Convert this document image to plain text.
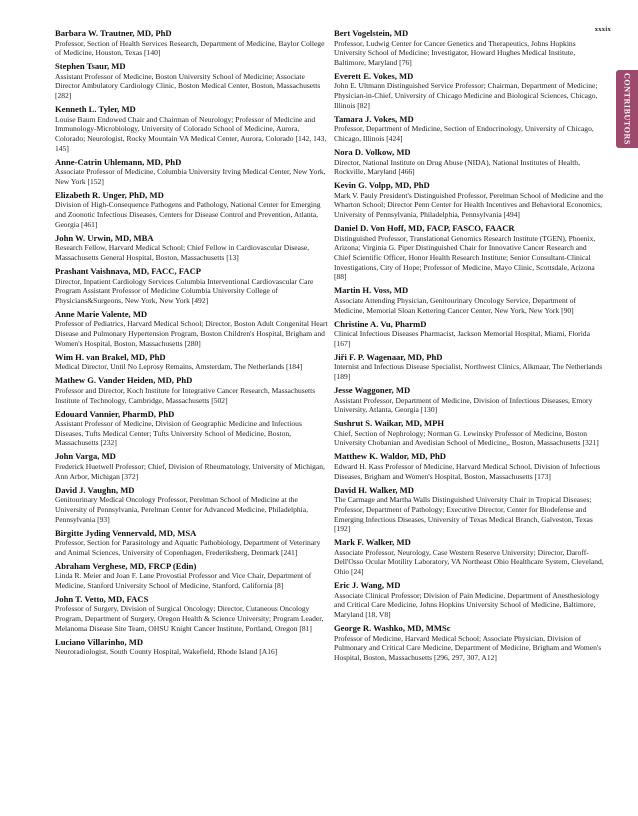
xxxix
CONTRIBUTORS
Barbara W. Trautner, MD, PhD
Professor, Section of Health Services Research, Department of Medicine, Baylor College of Medicine, Houston, Texas [140]
Stephen Tsaur, MD
Assistant Professor of Medicine, Boston University School of Medicine; Associate Director Ambulatory Cardiology Clinic, Boston Medical Center, Boston, Massachusetts [282]
Kenneth L. Tyler, MD
Louise Baum Endowed Chair and Chairman of Neurology; Professor of Medicine and Immunology-Microbiology, University of Colorado School of Medicine, Aurora, Colorado; Neurologist, Rocky Mountain VA Medical Center, Aurora, Colorado [142, 143, 145]
Anne-Catrin Uhlemann, MD, PhD
Associate Professor of Medicine, Columbia University Irving Medical Center, New York, New York [152]
Elizabeth R. Unger, PhD, MD
Division of High-Consequence Pathogens and Pathology, National Center for Emerging and Zoonotic Infectious Diseases, Centers for Disease Control and Prevention, Atlanta, Georgia [461]
John W. Urwin, MD, MBA
Research Fellow, Harvard Medical School; Chief Fellow in Cardiovascular Disease, Massachusetts General Hospital, Boston, Massachusetts [13]
Prashant Vaishnava, MD, FACC, FACP
Director, Inpatient Cardiology Services Columbia Interventional Cardiovascular Care Program Assistant Professor of Medicine Columbia University College of Physicians&Surgeons, New York, New York [492]
Anne Marie Valente, MD
Professor of Pediatrics, Harvard Medical School; Director, Boston Adult Congenital Heart Disease and Pulmonary Hypertension Program, Boston Children's Hospital, Brigham and Women's Hospital, Boston, Massachusetts [280]
Wim H. van Brakel, MD, PhD
Medical Director, Until No Leprosy Remains, Amsterdam, The Netherlands [184]
Mathew G. Vander Heiden, MD, PhD
Professor and Director, Koch Institute for Integrative Cancer Research, Massachusetts Institute of Technology, Cambridge, Massachusetts [502]
Edouard Vannier, PharmD, PhD
Assistant Professor of Medicine, Division of Geographic Medicine and Infectious Diseases, Tufts Medical Center; Tufts University School of Medicine, Boston, Massachusetts [232]
John Varga, MD
Frederick Huetwell Professor; Chief, Division of Rheumatology, University of Michigan, Ann Arbor, Michigan [372]
David J. Vaughn, MD
Genitourinary Medical Oncology Professor, Perelman School of Medicine at the University of Pennsylvania, Perelman Center for Advanced Medicine, Philadelphia, Pennsylvania [93]
Birgitte Jyding Vennervald, MD, MSA
Professor, Section for Parasitology and Aquatic Pathobiology, Department of Veterinary and Animal Sciences, University of Copenhagen, Frederiksberg, Denmark [241]
Abraham Verghese, MD, FRCP (Edin)
Linda R. Meier and Joan F. Lane Provostial Professor and Vice Chair, Department of Medicine, Stanford University School of Medicine, Stanford, California [8]
John T. Vetto, MD, FACS
Professor of Surgery, Division of Surgical Oncology; Director, Cutaneous Oncology Program, Department of Surgery, Oregon Health & Science University; Program Leader, Melanoma Disease Site Team, OHSU Knight Cancer Institute, Portland, Oregon [81]
Luciano Villarinho, MD
Neuroradiologist, South County Hospital, Wakefield, Rhode Island [A16]
Bert Vogelstein, MD
Professor, Ludwig Center for Cancer Genetics and Therapeutics, Johns Hopkins University School of Medicine; Investigator, Howard Hughes Medical Institute, Baltimore, Maryland [76]
Everett E. Vokes, MD
John E. Ultmann Distinguished Service Professor; Chairman, Department of Medicine; Physician-in-Chief, University of Chicago Medicine and Biological Sciences, Chicago, Illinois [82]
Tamara J. Vokes, MD
Professor, Department of Medicine, Section of Endocrinology, University of Chicago, Chicago, Illinois [424]
Nora D. Volkow, MD
Director, National Institute on Drug Abuse (NIDA), National Institutes of Health, Rockville, Maryland [466]
Kevin G. Volpp, MD, PhD
Mark V. Pauly President's Distinguished Professor, Perelman School of Medicine and the Wharton School; Director Penn Center for Health Incentives and Behavioral Economics, University of Pennsylvania, Philadelphia, Pennsylvania [494]
Daniel D. Von Hoff, MD, FACP, FASCO, FAACR
Distinguished Professor, Translational Genomics Research Institute (TGEN), Phoenix, Arizona; Virginia G. Piper Distinguished Chair for Innovative Cancer Research and Chief Scientific Officer, Honor Health Research Institute; Senior Consultant-Clinical Investigations, City of Hope; Professor of Medicine, Mayo Clinic, Scottsdale, Arizona [88]
Martin H. Voss, MD
Associate Attending Physician, Genitourinary Oncology Service, Department of Medicine, Memorial Sloan Kettering Cancer Center, New York, New York [90]
Christine A. Vu, PharmD
Clinical Infectious Diseases Pharmacist, Jackson Memorial Hospital, Miami, Florida [167]
Jiři F. P. Wagenaar, MD, PhD
Internist and Infectious Disease Specialist, Northwest Clinics, Alkmaar, The Netherlands [189]
Jesse Waggoner, MD
Assistant Professor, Department of Medicine, Division of Infectious Diseases, Emory University, Atlanta, Georgia [130]
Sushrut S. Waikar, MD, MPH
Chief, Section of Nephrology; Norman G. Lewinsky Professor of Medicine, Boston University Chobanian and Avedisian School of Medicine,, Boston, Massachusetts [321]
Matthew K. Waldor, MD, PhD
Edward H. Kass Professor of Medicine, Harvard Medical School, Division of Infectious Diseases, Brigham and Women's Hospital, Boston, Massachusetts [173]
David H. Walker, MD
The Carmage and Martha Walls Distinguished University Chair in Tropical Diseases; Professor, Department of Pathology; Executive Director, Center for Biodefense and Emerging Infectious Diseases, University of Texas Medical Branch, Galveston, Texas [192]
Mark F. Walker, MD
Associate Professor, Neurology, Case Western Reserve University; Director, Daroff-Dell'Osso Ocular Motility Laboratory, VA Northeast Ohio Healthcare System, Cleveland, Ohio [24]
Eric J. Wang, MD
Associate Clinical Professor; Division of Pain Medicine, Department of Anesthesiology and Critical Care Medicine, Johns Hopkins University School of Medicine, Baltimore, Maryland [18, V8]
George R. Washko, MD, MMSc
Professor of Medicine, Harvard Medical School; Associate Physician, Division of Pulmonary and Critical Care Medicine, Department of Medicine, Brigham and Women's Hospital, Boston, Massachusetts [296, 297, 307, A12]
